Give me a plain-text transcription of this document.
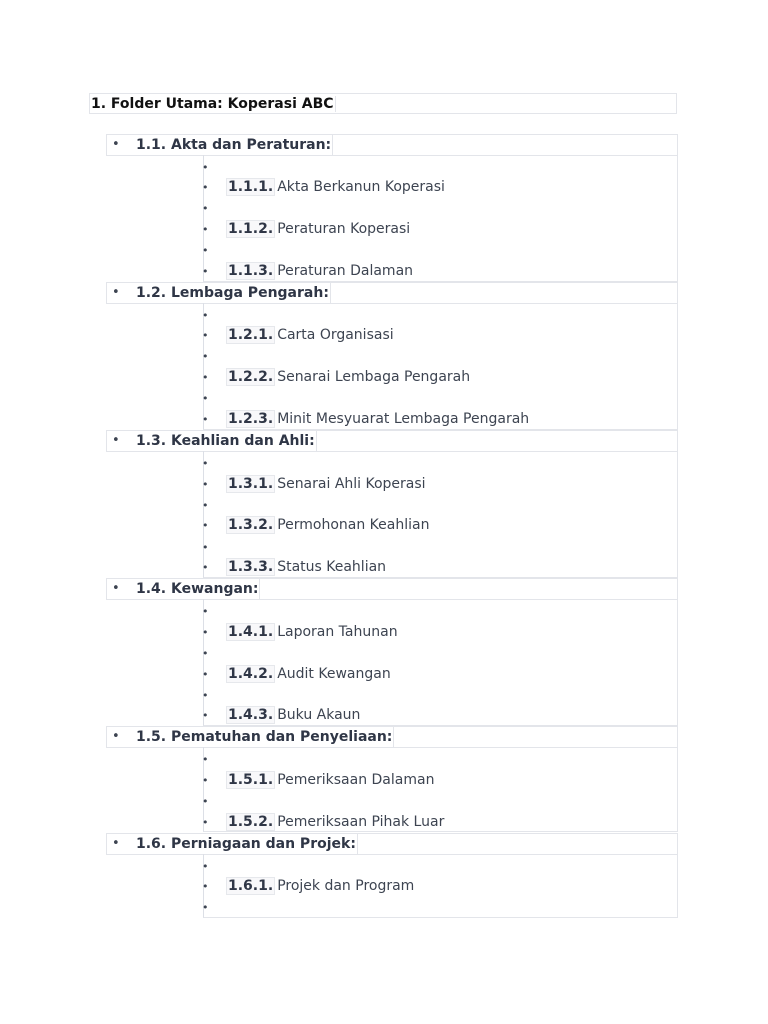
1. Folder Utama: Koperasi ABC
•	1.1. Akta dan Peraturan:
•
• 1.1.1. Akta Berkanun Koperasi
•
• 1.1.2. Peraturan Koperasi
•
• 1.1.3. Peraturan Dalaman
•	1.2. Lembaga Pengarah:
•
• 1.2.1. Carta Organisasi
•
• 1.2.2. Senarai Lembaga Pengarah
•
• 1.2.3. Minit Mesyuarat Lembaga Pengarah
•	1.3. Keahlian dan Ahli:
•
• 1.3.1. Senarai Ahli Koperasi
•
• 1.3.2. Permohonan Keahlian
•
• 1.3.3. Status Keahlian
•	1.4. Kewangan:
•
• 1.4.1. Laporan Tahunan
•
• 1.4.2. Audit Kewangan
•
• 1.4.3. Buku Akaun
•	1.5. Pematuhan dan Penyeliaan:
•
• 1.5.1. Pemeriksaan Dalaman
•
• 1.5.2. Pemeriksaan Pihak Luar
•	1.6. Perniagaan dan Projek:
•
• 1.6.1. Projek dan Program
•
